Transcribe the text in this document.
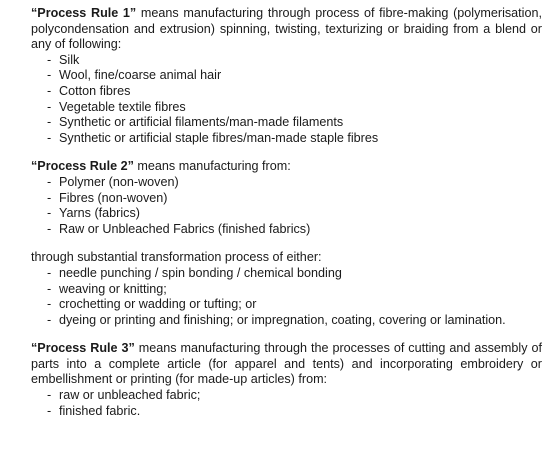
“Process Rule 1” means manufacturing through process of fibre-making (polymerisation, polycondensation and extrusion) spinning, twisting, texturizing or braiding from a blend or any of following:

- Silk
- Wool, fine/coarse animal hair
- Cotton fibres
- Vegetable textile fibres
- Synthetic or artificial filaments/man-made filaments
- Synthetic or artificial staple fibres/man-made staple fibres

“Process Rule 2” means manufacturing from:

- Polymer (non-woven)
- Fibres (non-woven)
- Yarns (fabrics)
- Raw or Unbleached Fabrics (finished fabrics)

through substantial transformation process of either:

- needle punching / spin bonding / chemical bonding
- weaving or knitting;
- crochetting or wadding or tufting; or
- dyeing or printing and finishing; or impregnation, coating, covering or lamination.

“Process Rule 3” means manufacturing through the processes of cutting and assembly of parts into a complete article (for apparel and tents) and incorporating embroidery or embellishment or printing (for made-up articles) from:

- raw or unbleached fabric;
- finished fabric.
